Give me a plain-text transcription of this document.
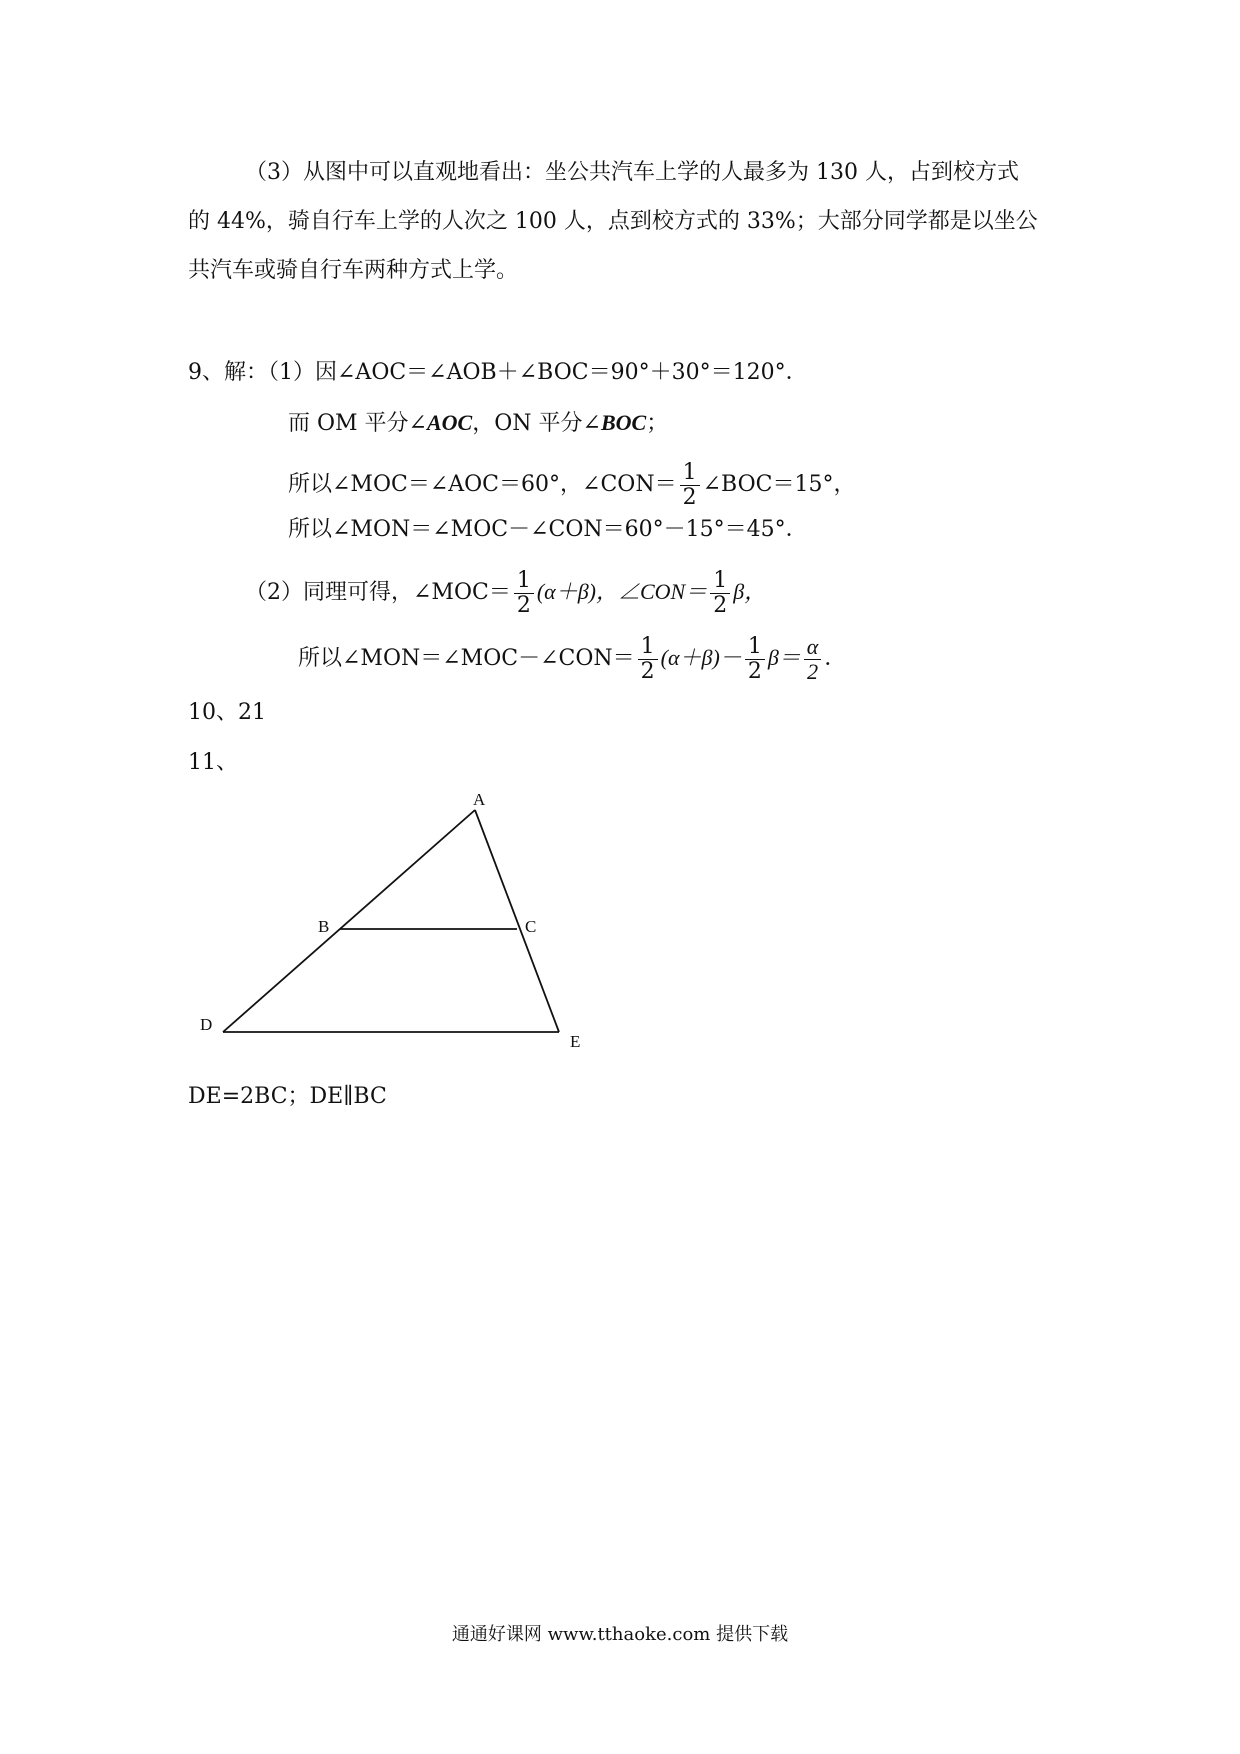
（3）从图中可以直观地看出：坐公共汽车上学的人最多为 130 人，占到校方式
的 44%，骑自行车上学的人次之 100 人，点到校方式的 33%；大部分同学都是以坐公
共汽车或骑自行车两种方式上学。
9、解：（1）因∠AOC＝∠AOB＋∠BOC＝90°＋30°＝120°．
而 OM 平分∠AOC，ON 平分∠BOC；
所以∠MOC＝∠AOC＝60°，∠CON＝ $\frac{1}{2}$ ∠BOC＝15°，
所以∠MON＝∠MOC－∠CON＝60°－15°＝45°．
（2）同理可得，∠MOC＝ $\frac{1}{2} (\alpha+\beta)$，∠CON＝ $\frac{1}{2}$ β，
所以∠MON＝∠MOC－∠CON＝ $\frac{1}{2} (\alpha+\beta)- \frac{1}{2} \beta= \frac{\alpha}{2}$ ．
10、21
11、
A
B	C
D
E
DE=2BC；DE∥BC
通通好课网 www.tthaoke.com 提供下载
